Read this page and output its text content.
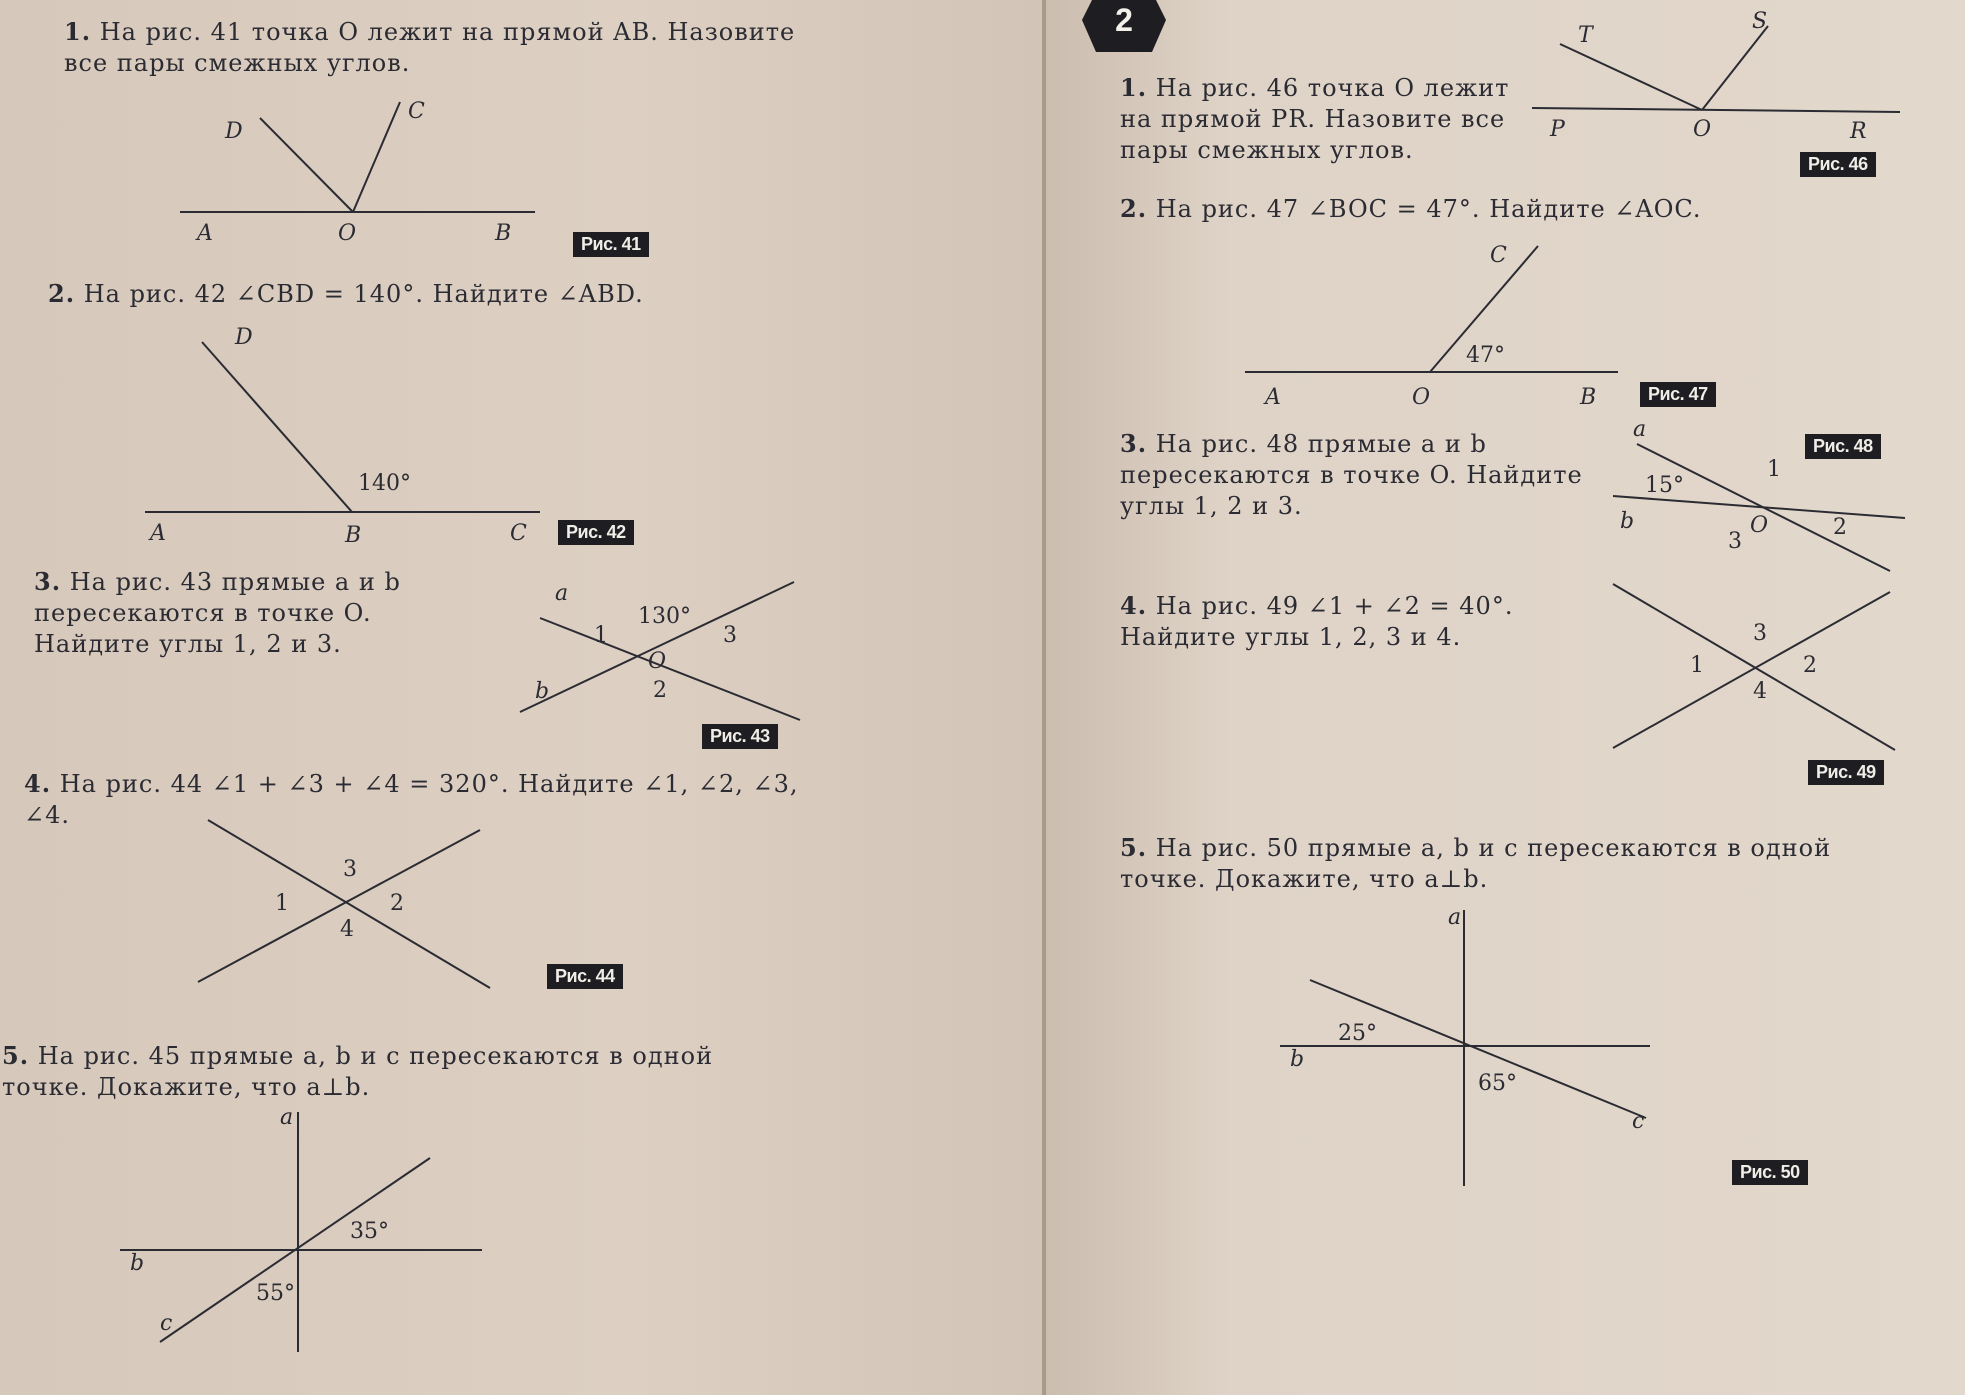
1. На рис. 41 точка O лежит на прямой AB. Назовите все пары смежных углов.
D
C
A	O	B	Рис. 41
2. На рис. 42 ∠CBD = 140°. Найдите ∠ABD.
D
140°
A	B	C	Рис. 42
3. На рис. 43 прямые a и b пересекаются в точке O. Найдите углы 1, 2 и 3.
a
b
O
130°
1
2
3
Рис. 43
4. На рис. 44 ∠1 + ∠3 + ∠4 = 320°. Найдите ∠1, ∠2, ∠3, ∠4.
1	2
3
4
Рис. 44
5. На рис. 45 прямые a, b и c пересекаются в одной точке. Докажите, что a⊥b.
a
b
c
35°
55°
2
1. На рис. 46 точка O лежит на прямой PR. Назовите все пары смежных углов.
T
S
P	O	R
Рис. 46
2. На рис. 47 ∠BOC = 47°. Найдите ∠AOC.
C
47°
A	O	B	Рис. 47
3. На рис. 48 прямые a и b пересекаются в точке O. Найдите углы 1, 2 и 3.
a
b	O
15°
1
2
3
Рис. 48
4. На рис. 49 ∠1 + ∠2 = 40°. Найдите углы 1, 2, 3 и 4.
1	2
3
4
Рис. 49
5. На рис. 50 прямые a, b и c пересекаются в одной точке. Докажите, что a⊥b.
a
b
c
25°
65°
Рис. 50
